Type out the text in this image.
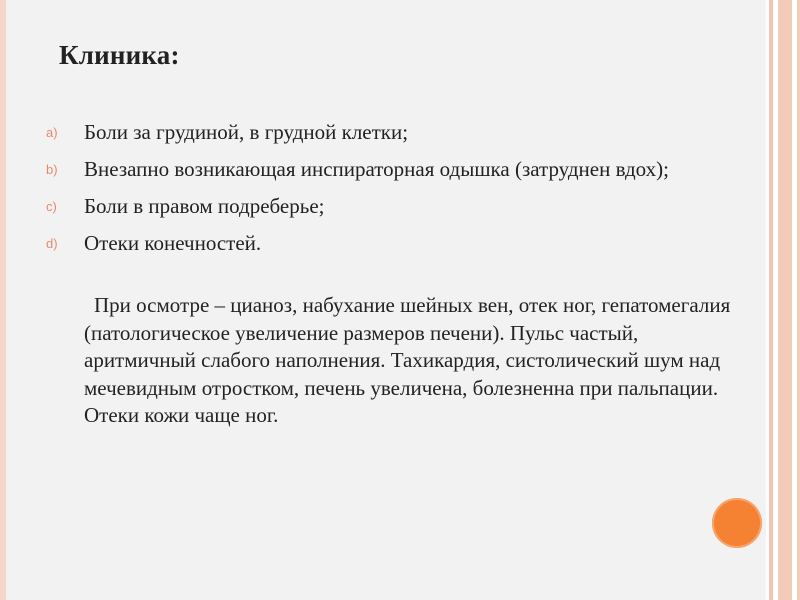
Клиника:
a) Боли за грудиной, в грудной клетки;
b) Внезапно возникающая инспираторная одышка (затруднен вдох);
c) Боли в правом подреберье;
d) Отеки конечностей.

При осмотре – цианоз, набухание шейных вен, отек ног, гепатомегалия (патологическое увеличение размеров печени). Пульс частый, аритмичный слабого наполнения. Тахикардия, систолический шум над мечевидным отростком, печень увеличена, болезненна при пальпации. Отеки кожи чаще ног.
